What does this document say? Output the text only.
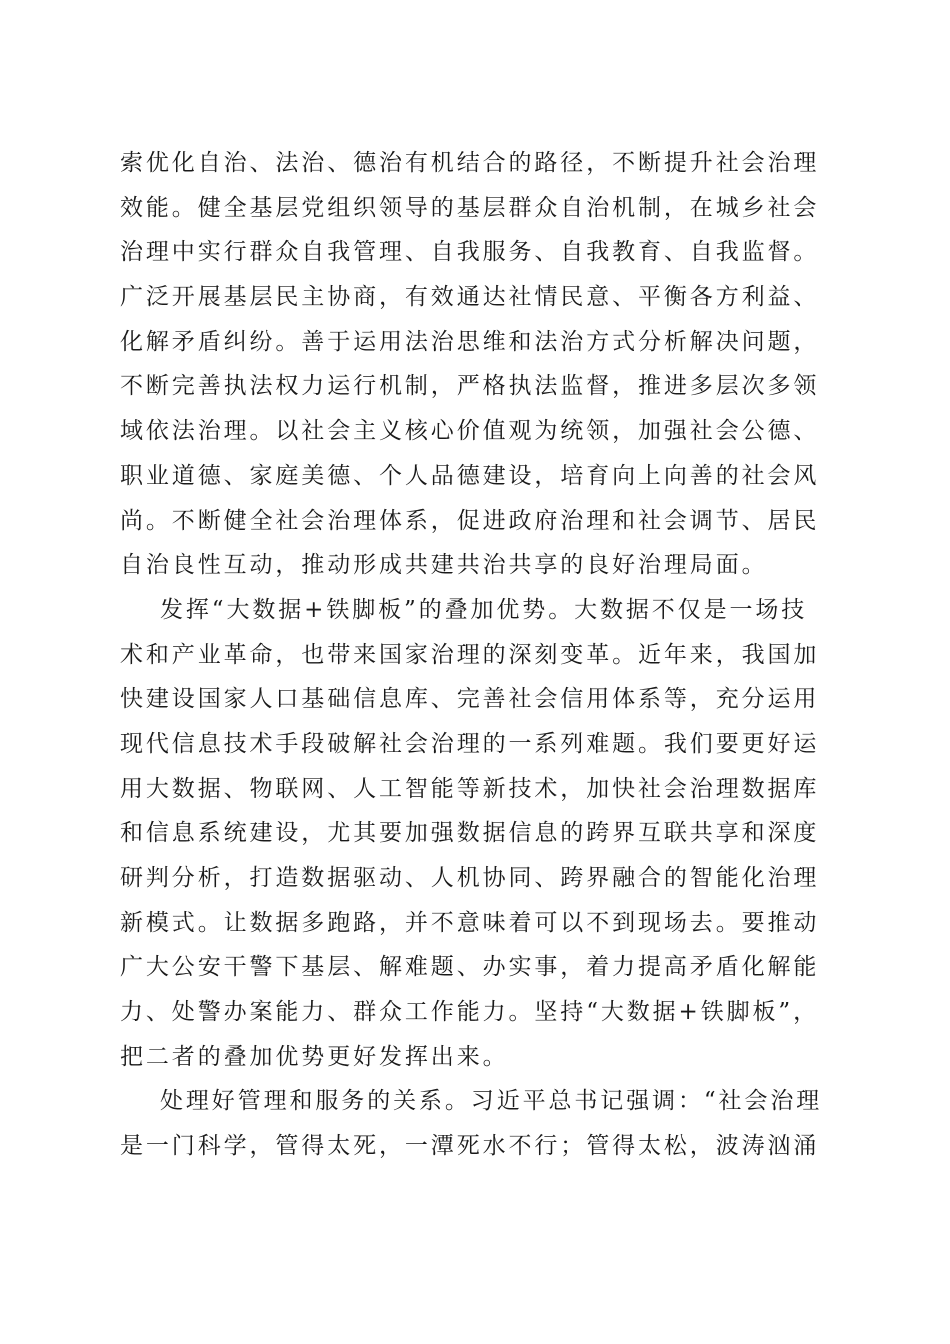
索优化自治、法治、德治有机结合的路径，不断提升社会治理
效能。健全基层党组织领导的基层群众自治机制，在城乡社会
治理中实行群众自我管理、自我服务、自我教育、自我监督。
广泛开展基层民主协商，有效通达社情民意、平衡各方利益、
化解矛盾纠纷。善于运用法治思维和法治方式分析解决问题，
不断完善执法权力运行机制，严格执法监督，推进多层次多领
域依法治理。以社会主义核心价值观为统领，加强社会公德、
职业道德、家庭美德、个人品德建设，培育向上向善的社会风
尚。不断健全社会治理体系，促进政府治理和社会调节、居民
自治良性互动，推动形成共建共治共享的良好治理局面。
发挥“大数据+铁脚板”的叠加优势。大数据不仅是一场技
术和产业革命，也带来国家治理的深刻变革。近年来，我国加
快建设国家人口基础信息库、完善社会信用体系等，充分运用
现代信息技术手段破解社会治理的一系列难题。我们要更好运
用大数据、物联网、人工智能等新技术，加快社会治理数据库
和信息系统建设，尤其要加强数据信息的跨界互联共享和深度
研判分析，打造数据驱动、人机协同、跨界融合的智能化治理
新模式。让数据多跑路，并不意味着可以不到现场去。要推动
广大公安干警下基层、解难题、办实事，着力提高矛盾化解能
力、处警办案能力、群众工作能力。坚持“大数据+铁脚板”，
把二者的叠加优势更好发挥出来。
处理好管理和服务的关系。习近平总书记强调：“社会治理
是一门科学，管得太死，一潭死水不行；管得太松，波涛汹涌
